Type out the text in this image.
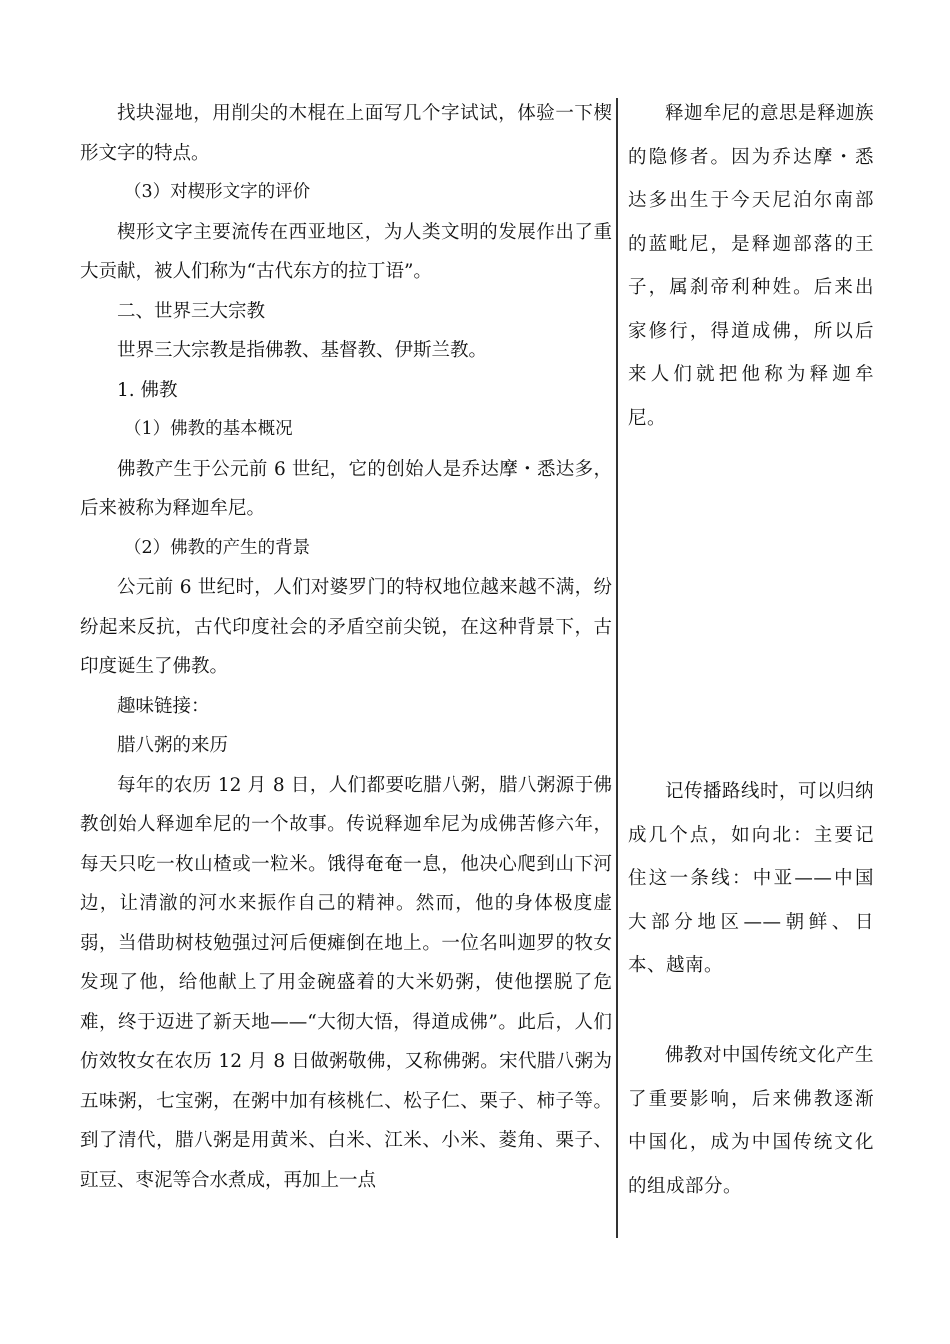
找块湿地，用削尖的木棍在上面写几个字试试，体验一下楔形文字的特点。

（3）对楔形文字的评价

楔形文字主要流传在西亚地区，为人类文明的发展作出了重大贡献，被人们称为“古代东方的拉丁语”。

二、世界三大宗教

世界三大宗教是指佛教、基督教、伊斯兰教。

1. 佛教

（1）佛教的基本概况

佛教产生于公元前 6 世纪，它的创始人是乔达摩・悉达多，后来被称为释迦牟尼。

（2）佛教的产生的背景

公元前 6 世纪时，人们对婆罗门的特权地位越来越不满，纷纷起来反抗，古代印度社会的矛盾空前尖锐，在这种背景下，古印度诞生了佛教。

趣味链接：

腊八粥的来历

每年的农历 12 月 8 日，人们都要吃腊八粥，腊八粥源于佛教创始人释迦牟尼的一个故事。传说释迦牟尼为成佛苦修六年，每天只吃一枚山楂或一粒米。饿得奄奄一息，他决心爬到山下河边，让清澈的河水来振作自己的精神。然而，他的身体极度虚弱，当借助树枝勉强过河后便瘫倒在地上。一位名叫迦罗的牧女发现了他，给他献上了用金碗盛着的大米奶粥，使他摆脱了危难，终于迈进了新天地——“大彻大悟，得道成佛”。此后，人们仿效牧女在农历 12 月 8 日做粥敬佛，又称佛粥。宋代腊八粥为五味粥，七宝粥，在粥中加有核桃仁、松子仁、栗子、柿子等。到了清代，腊八粥是用黄米、白米、江米、小米、菱角、栗子、豇豆、枣泥等合水煮成，再加上一点

释迦牟尼的意思是释迦族的隐修者。因为乔达摩・悉达多出生于今天尼泊尔南部的蓝毗尼，是释迦部落的王子，属刹帝利种姓。后来出家修行，得道成佛，所以后来人们就把他称为释迦牟尼。

记传播路线时，可以归纳成几个点，如向北：主要记住这一条线：中亚——中国大部分地区——朝鲜、日本、越南。

佛教对中国传统文化产生了重要影响，后来佛教逐渐中国化，成为中国传统文化的组成部分。
